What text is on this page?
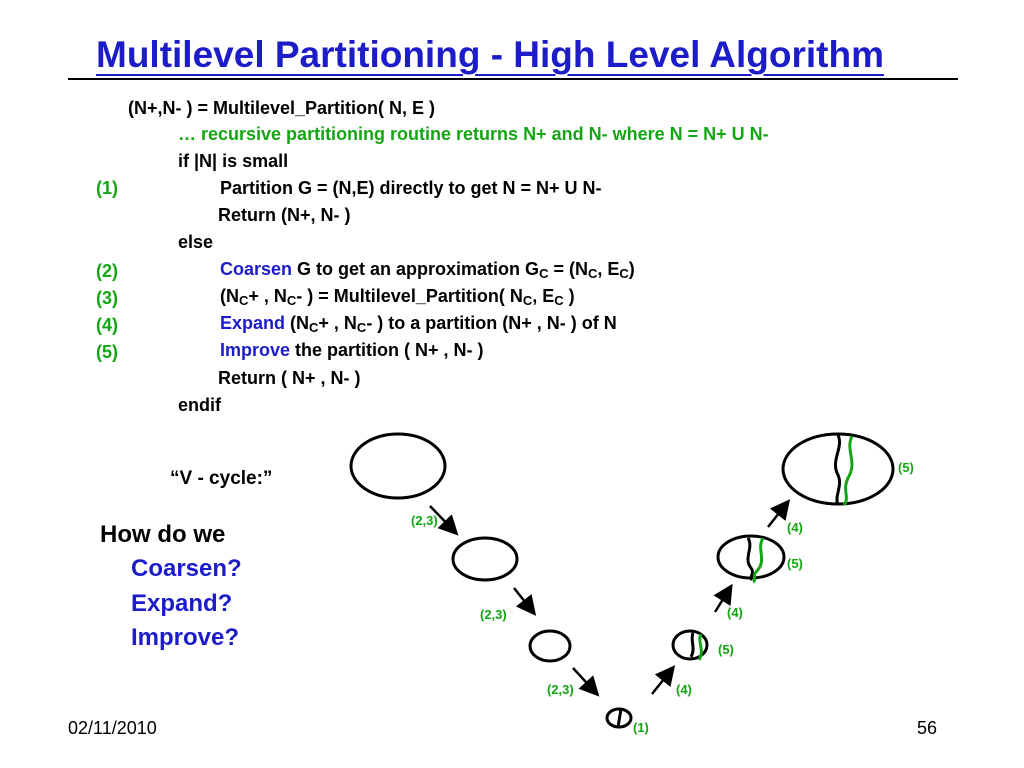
Multilevel Partitioning - High Level Algorithm
(N+,N- ) = Multilevel_Partition( N, E )
… recursive partitioning routine returns N+ and N- where N = N+ U N-
if |N| is small
(1)	Partition G = (N,E) directly to get N = N+ U N-
Return (N+, N- )
else
(2)	Coarsen G to get an approximation $G_C = (N_C$, $E_C$)
(3)	($N_C+$ , $N_C-$ ) = Multilevel_Partition( $N_C$, $E_C$ )
(4)	Expand ($N_C+$ , $N_C-$ ) to a partition (N+ , N- ) of N
(5)	Improve the partition ( N+ , N- )
Return ( N+ , N- )
endif
“V - cycle:”
How do we
Coarsen?
Expand?
Improve?
(2,3)
(2,3)
(2,3)
(1)
(4)
(5)
(4)
(5)
(4)
(5)
02/11/2010	56
